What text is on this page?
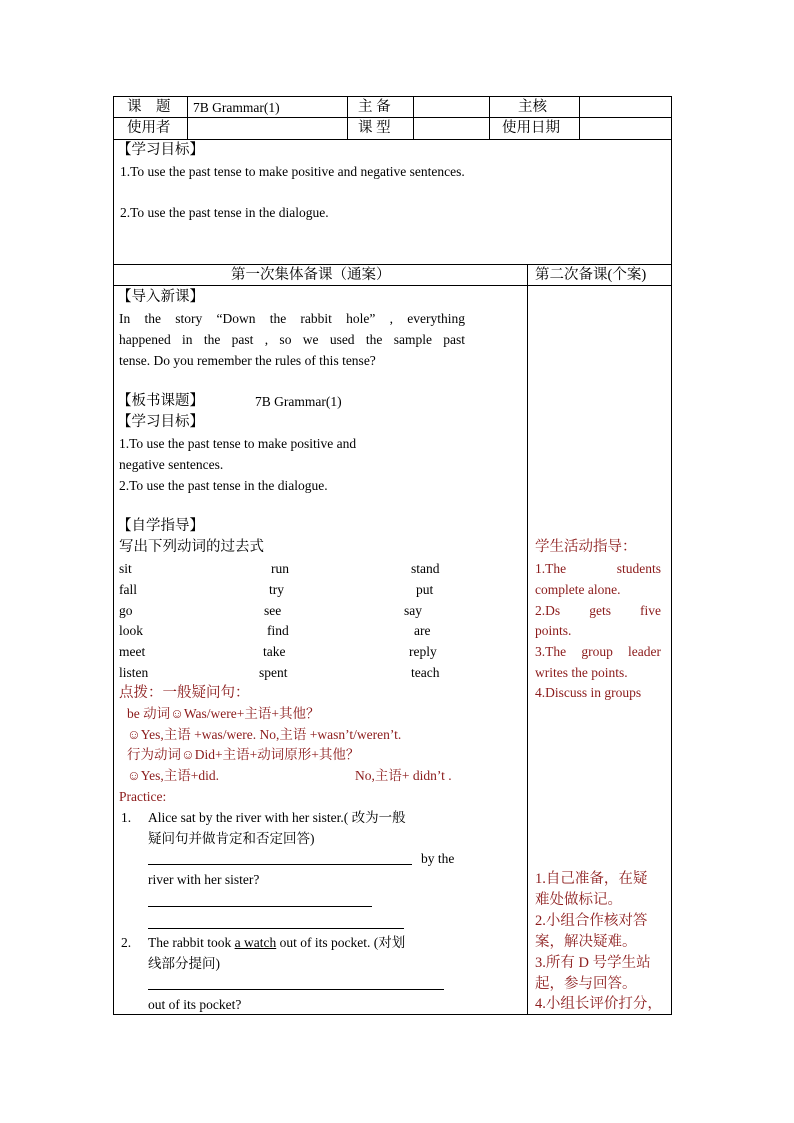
课　题 7B Grammar(1)	主 备	主核
使用者	课 型	使用日期
【学习目标】
1.To use the past tense to make positive and negative sentences.
2.To use the past tense in the dialogue.
第一次集体备课（通案）	第二次备课(个案)
【导入新课】
In the story “Down the rabbit hole” , everything
happened in the past , so we used the sample past
tense. Do you remember the rules of this tense?
【板书课题】	7B Grammar(1)
【学习目标】
1.To use the past tense to make positive and
negative sentences.
2.To use the past tense in the dialogue.
【自学指导】
写出下列动词的过去式
sit	run	stand
fall	try	put
go	see	say
look	find	are
meet	take	reply
listen	spent	teach
点拨：一般疑问句：
be 动词☺Was/were+主语+其他？
☺Yes,主语 +was/were. No,主语 +wasn’t/weren’t.
行为动词☺Did+主语+动词原形+其他？
☺Yes,主语+did.	No,主语+ didn’t .
Practice:
1. Alice sat by the river with her sister.( 改为一般
疑问句并做肯定和否定回答)
by the
river with her sister?
2. The rabbit took a watch out of its pocket. (对划
线部分提问)
out of its pocket?
学生活动指导：
1.The	students
complete alone.
2.Ds gets five
points.
3.The group leader
writes the points.
4.Discuss in groups
1.自己准备，在疑
难处做标记。
2.小组合作核对答
案，解决疑难。
3.所有 D 号学生站
起，参与回答。
4.小组长评价打分，
